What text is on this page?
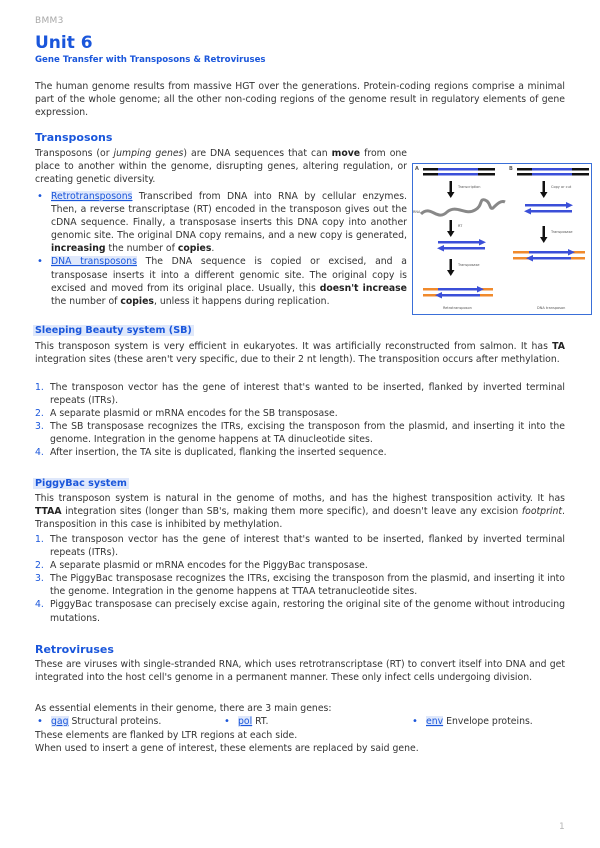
BMM3
Unit 6
Gene Transfer with Transposons & Retroviruses
The human genome results from massive HGT over the generations. Protein-coding regions comprise a minimal part of the whole genome; all the other non-coding regions of the genome result in regulatory elements of gene expression.
Transposons
Transposons (or jumping genes) are DNA sequences that can move from one place to another within the genome, disrupting genes, altering regulation, or creating genetic diversity.
• Retrotransposons Transcribed from DNA into RNA by cellular enzymes. Then, a reverse transcriptase (RT) encoded in the transposon gives out the cDNA sequence. Finally, a transposase inserts this DNA copy into another genomic site. The original DNA copy remains, and a new copy is generated, increasing the number of copies.
• DNA transposons The DNA sequence is copied or excised, and a transposase inserts it into a different genomic site. The original copy is excised and moved from its original place. Usually, this doesn't increase the number of copies, unless it happens during replication.
A	B
Transcription
RNA
RT
Transposase
Retrotransposon
Copy or cut
Transposase
DNA transposon
Sleeping Beauty system (SB)
This transposon system is very efficient in eukaryotes. It was artificially reconstructed from salmon. It has TA integration sites (these aren't very specific, due to their 2 nt length). The transposition occurs after methylation.
1. The transposon vector has the gene of interest that's wanted to be inserted, flanked by inverted terminal repeats (ITRs).
2. A separate plasmid or mRNA encodes for the SB transposase.
3. The SB transposase recognizes the ITRs, excising the transposon from the plasmid, and inserting it into the genome. Integration in the genome happens at TA dinucleotide sites.
4. After insertion, the TA site is duplicated, flanking the inserted sequence.
PiggyBac system
This transposon system is natural in the genome of moths, and has the highest transposition activity. It has TTAA integration sites (longer than SB's, making them more specific), and doesn't leave any excision footprint. Transposition in this case is inhibited by methylation.
1. The transposon vector has the gene of interest that's wanted to be inserted, flanked by inverted terminal repeats (ITRs).
2. A separate plasmid or mRNA encodes for the PiggyBac transposase.
3. The PiggyBac transposase recognizes the ITRs, excising the transposon from the plasmid, and inserting it into the genome. Integration in the genome happens at TTAA tetranucleotide sites.
4. PiggyBac transposase can precisely excise again, restoring the original site of the genome without introducing mutations.
Retroviruses
These are viruses with single-stranded RNA, which uses retrotranscriptase (RT) to convert itself into DNA and get integrated into the host cell's genome in a permanent manner. These only infect cells undergoing division.
As essential elements in their genome, there are 3 main genes:
• gag Structural proteins.	• pol RT.	• env Envelope proteins.
These elements are flanked by LTR regions at each side.
When used to insert a gene of interest, these elements are replaced by said gene.
1
